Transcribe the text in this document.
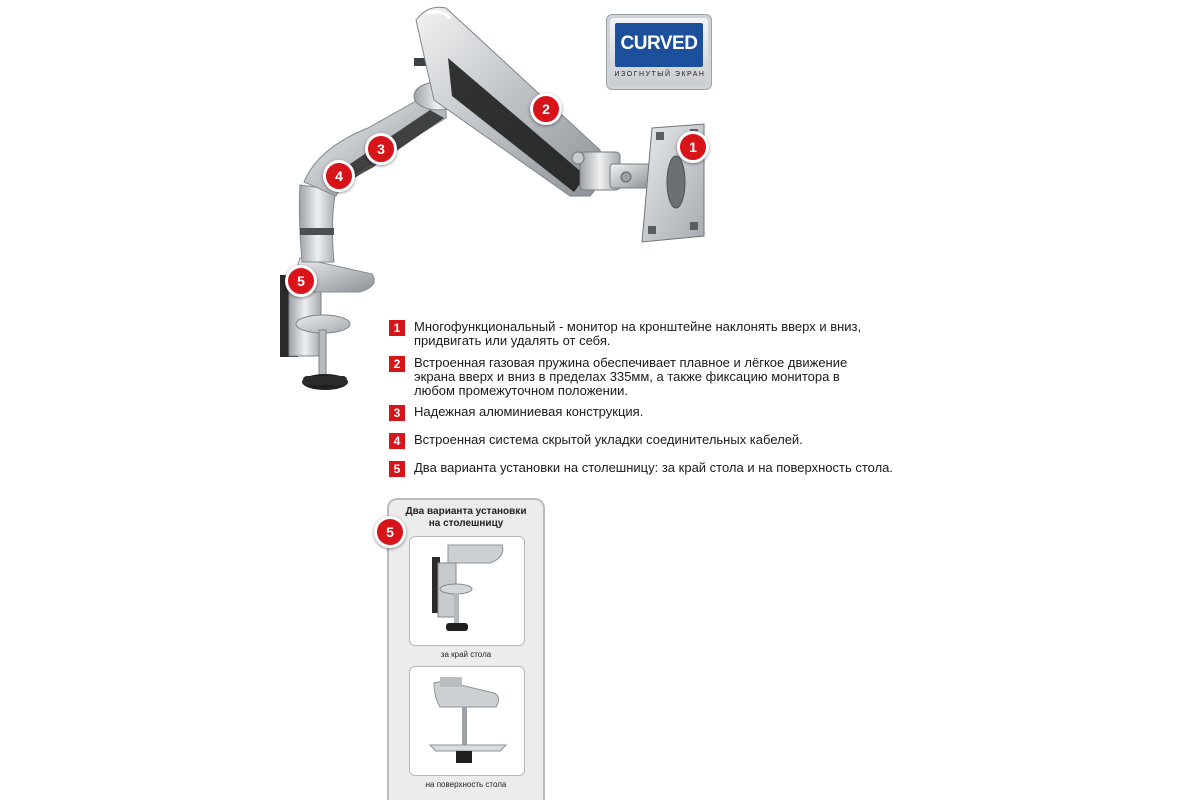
1
2
3
4
5
CURVED
ИЗОГНУТЫЙ ЭКРАН
1	Многофункциональный - монитор на кронштейне наклонять вверх и вниз,
придвигать или удалять от себя.
2	Встроенная газовая пружина обеспечивает плавное и лёгкое движение
экрана вверх и вниз в пределах 335мм, а также фиксацию монитора в
любом промежуточном положении.
3	Надежная алюминиевая конструкция.
4	Встроенная система скрытой укладки соединительных кабелей.
5	Два варианта установки на столешницу: за край стола и на поверхность стола.
Два варианта установки
на столешницу
за край стола
на поверхность стола
5
